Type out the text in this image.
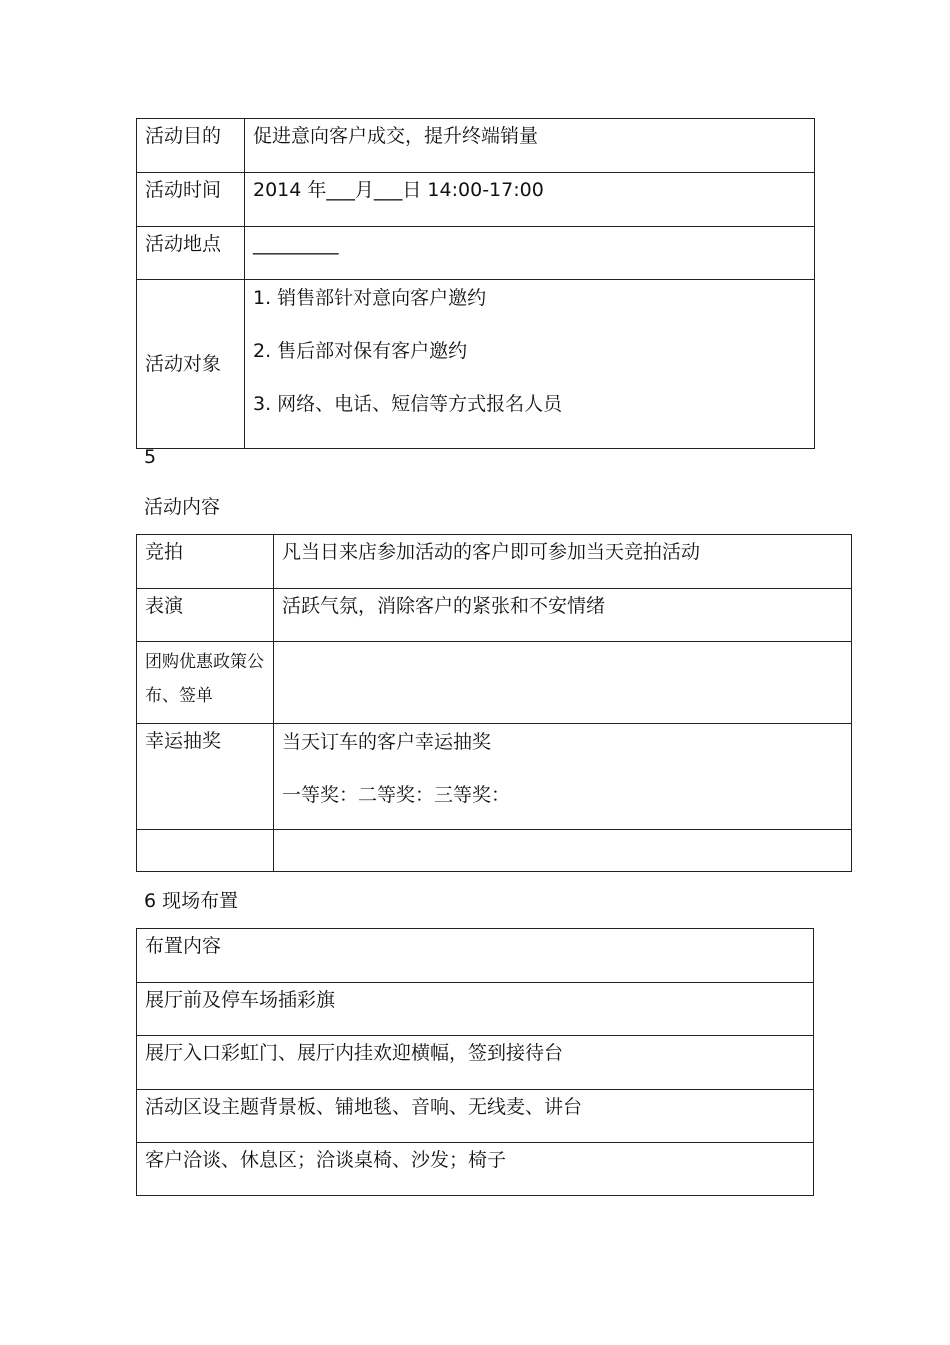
活动目的	促进意向客户成交，提升终端销量
活动时间	2014 年___月___日 14:00-17:00
活动地点	_________
活动对象	1. 销售部针对意向客户邀约
2. 售后部对保有客户邀约
3. 网络、电话、短信等方式报名人员
5
活动内容
竞拍	凡当日来店参加活动的客户即可参加当天竞拍活动
表演	活跃气氛，消除客户的紧张和不安情绪
团购优惠政策公布、签单	
幸运抽奖	当天订车的客户幸运抽奖
一等奖：二等奖：三等奖：

6 现场布置
布置内容
展厅前及停车场插彩旗
展厅入口彩虹门、展厅内挂欢迎横幅，签到接待台
活动区设主题背景板、铺地毯、音响、无线麦、讲台
客户洽谈、休息区；洽谈桌椅、沙发；椅子
